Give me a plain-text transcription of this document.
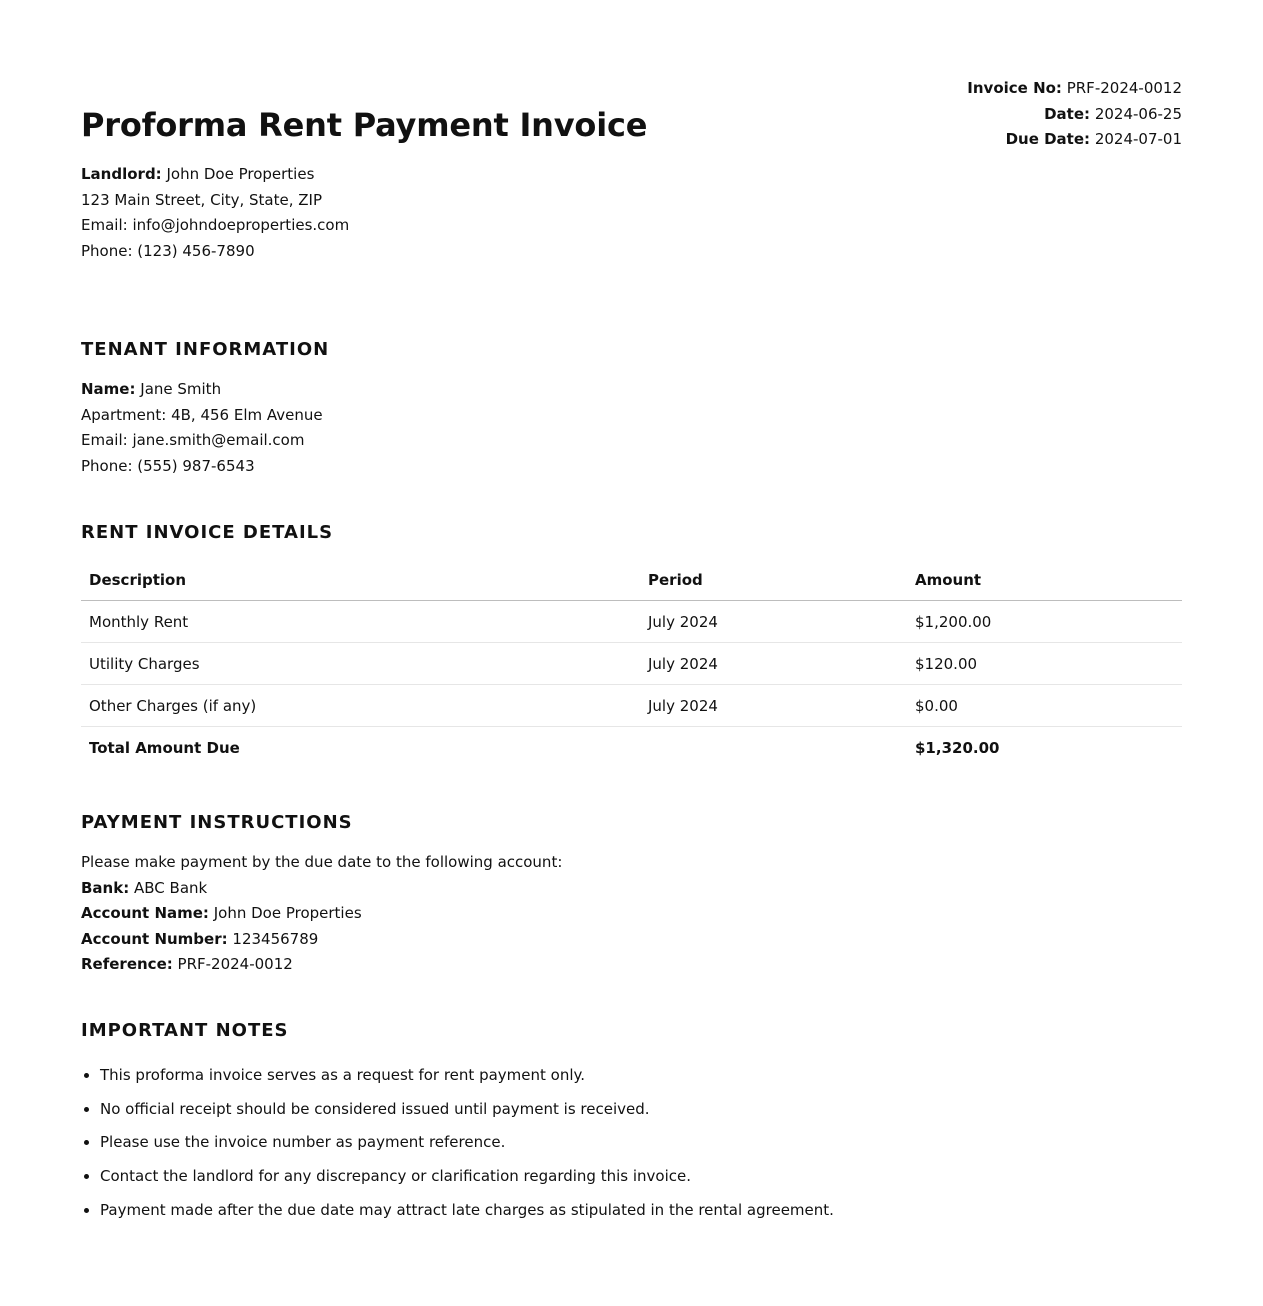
Proforma Rent Payment Invoice
Invoice No: PRF-2024-0012
Date: 2024-06-25
Due Date: 2024-07-01
Landlord: John Doe Properties
123 Main Street, City, State, ZIP
Email: info@johndoeproperties.com
Phone: (123) 456-7890
TENANT INFORMATION
Name: Jane Smith
Apartment: 4B, 456 Elm Avenue
Email: jane.smith@email.com
Phone: (555) 987-6543
RENT INVOICE DETAILS
Description	Period	Amount
Monthly Rent	July 2024	$1,200.00
Utility Charges	July 2024	$120.00
Other Charges (if any)	July 2024	$0.00
Total Amount Due		$1,320.00
PAYMENT INSTRUCTIONS
Please make payment by the due date to the following account:
Bank: ABC Bank
Account Name: John Doe Properties
Account Number: 123456789
Reference: PRF-2024-0012
IMPORTANT NOTES
• This proforma invoice serves as a request for rent payment only.
• No official receipt should be considered issued until payment is received.
• Please use the invoice number as payment reference.
• Contact the landlord for any discrepancy or clarification regarding this invoice.
• Payment made after the due date may attract late charges as stipulated in the rental agreement.
